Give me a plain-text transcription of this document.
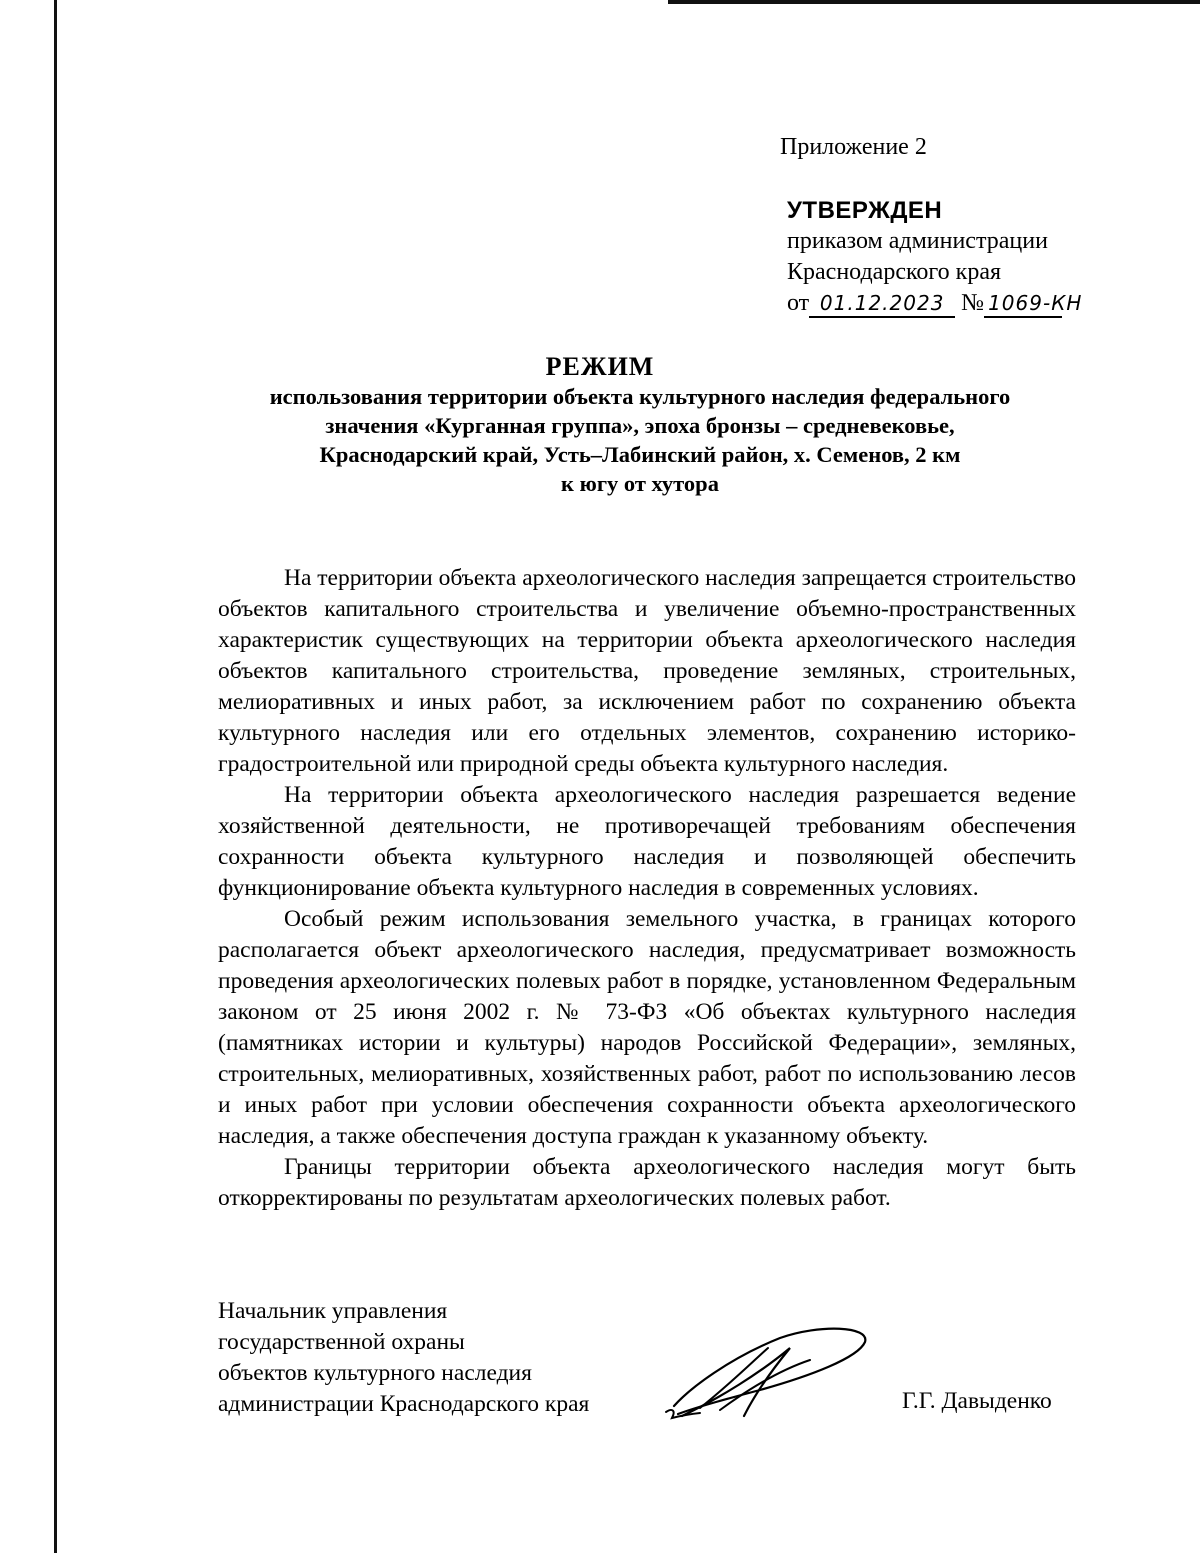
Приложение 2
УТВЕРЖДЕН
приказом администрации
Краснодарского края
от 01.12.2023 № 1069-КН
РЕЖИМ
использования территории объекта культурного наследия федерального
значения «Курганная группа», эпоха бронзы – средневековье,
Краснодарский край, Усть–Лабинский район, х. Семенов, 2 км
к югу от хутора

На территории объекта археологического наследия запрещается строительство объектов капитального строительства и увеличение объемно-пространственных характеристик существующих на территории объекта археологического наследия объектов капитального строительства, проведение земляных, строительных, мелиоративных и иных работ, за исключением работ по сохранению объекта культурного наследия или его отдельных элементов, сохранению историко-градостроительной или природной среды объекта культурного наследия.

На территории объекта археологического наследия разрешается ведение хозяйственной деятельности, не противоречащей требованиям обеспечения сохранности объекта культурного наследия и позволяющей обеспечить функционирование объекта культурного наследия в современных условиях.

Особый режим использования земельного участка, в границах которого располагается объект археологического наследия, предусматривает возможность проведения археологических полевых работ в порядке, установленном Федеральным законом от 25 июня 2002 г. № 73-ФЗ «Об объектах культурного наследия (памятниках истории и культуры) народов Российской Федерации», земляных, строительных, мелиоративных, хозяйственных работ, работ по использованию лесов и иных работ при условии обеспечения сохранности объекта археологического наследия, а также обеспечения доступа граждан к указанному объекту.

Границы территории объекта археологического наследия могут быть откорректированы по результатам археологических полевых работ.

Начальник управления
государственной охраны
объектов культурного наследия
администрации Краснодарского края	Г.Г. Давыденко
